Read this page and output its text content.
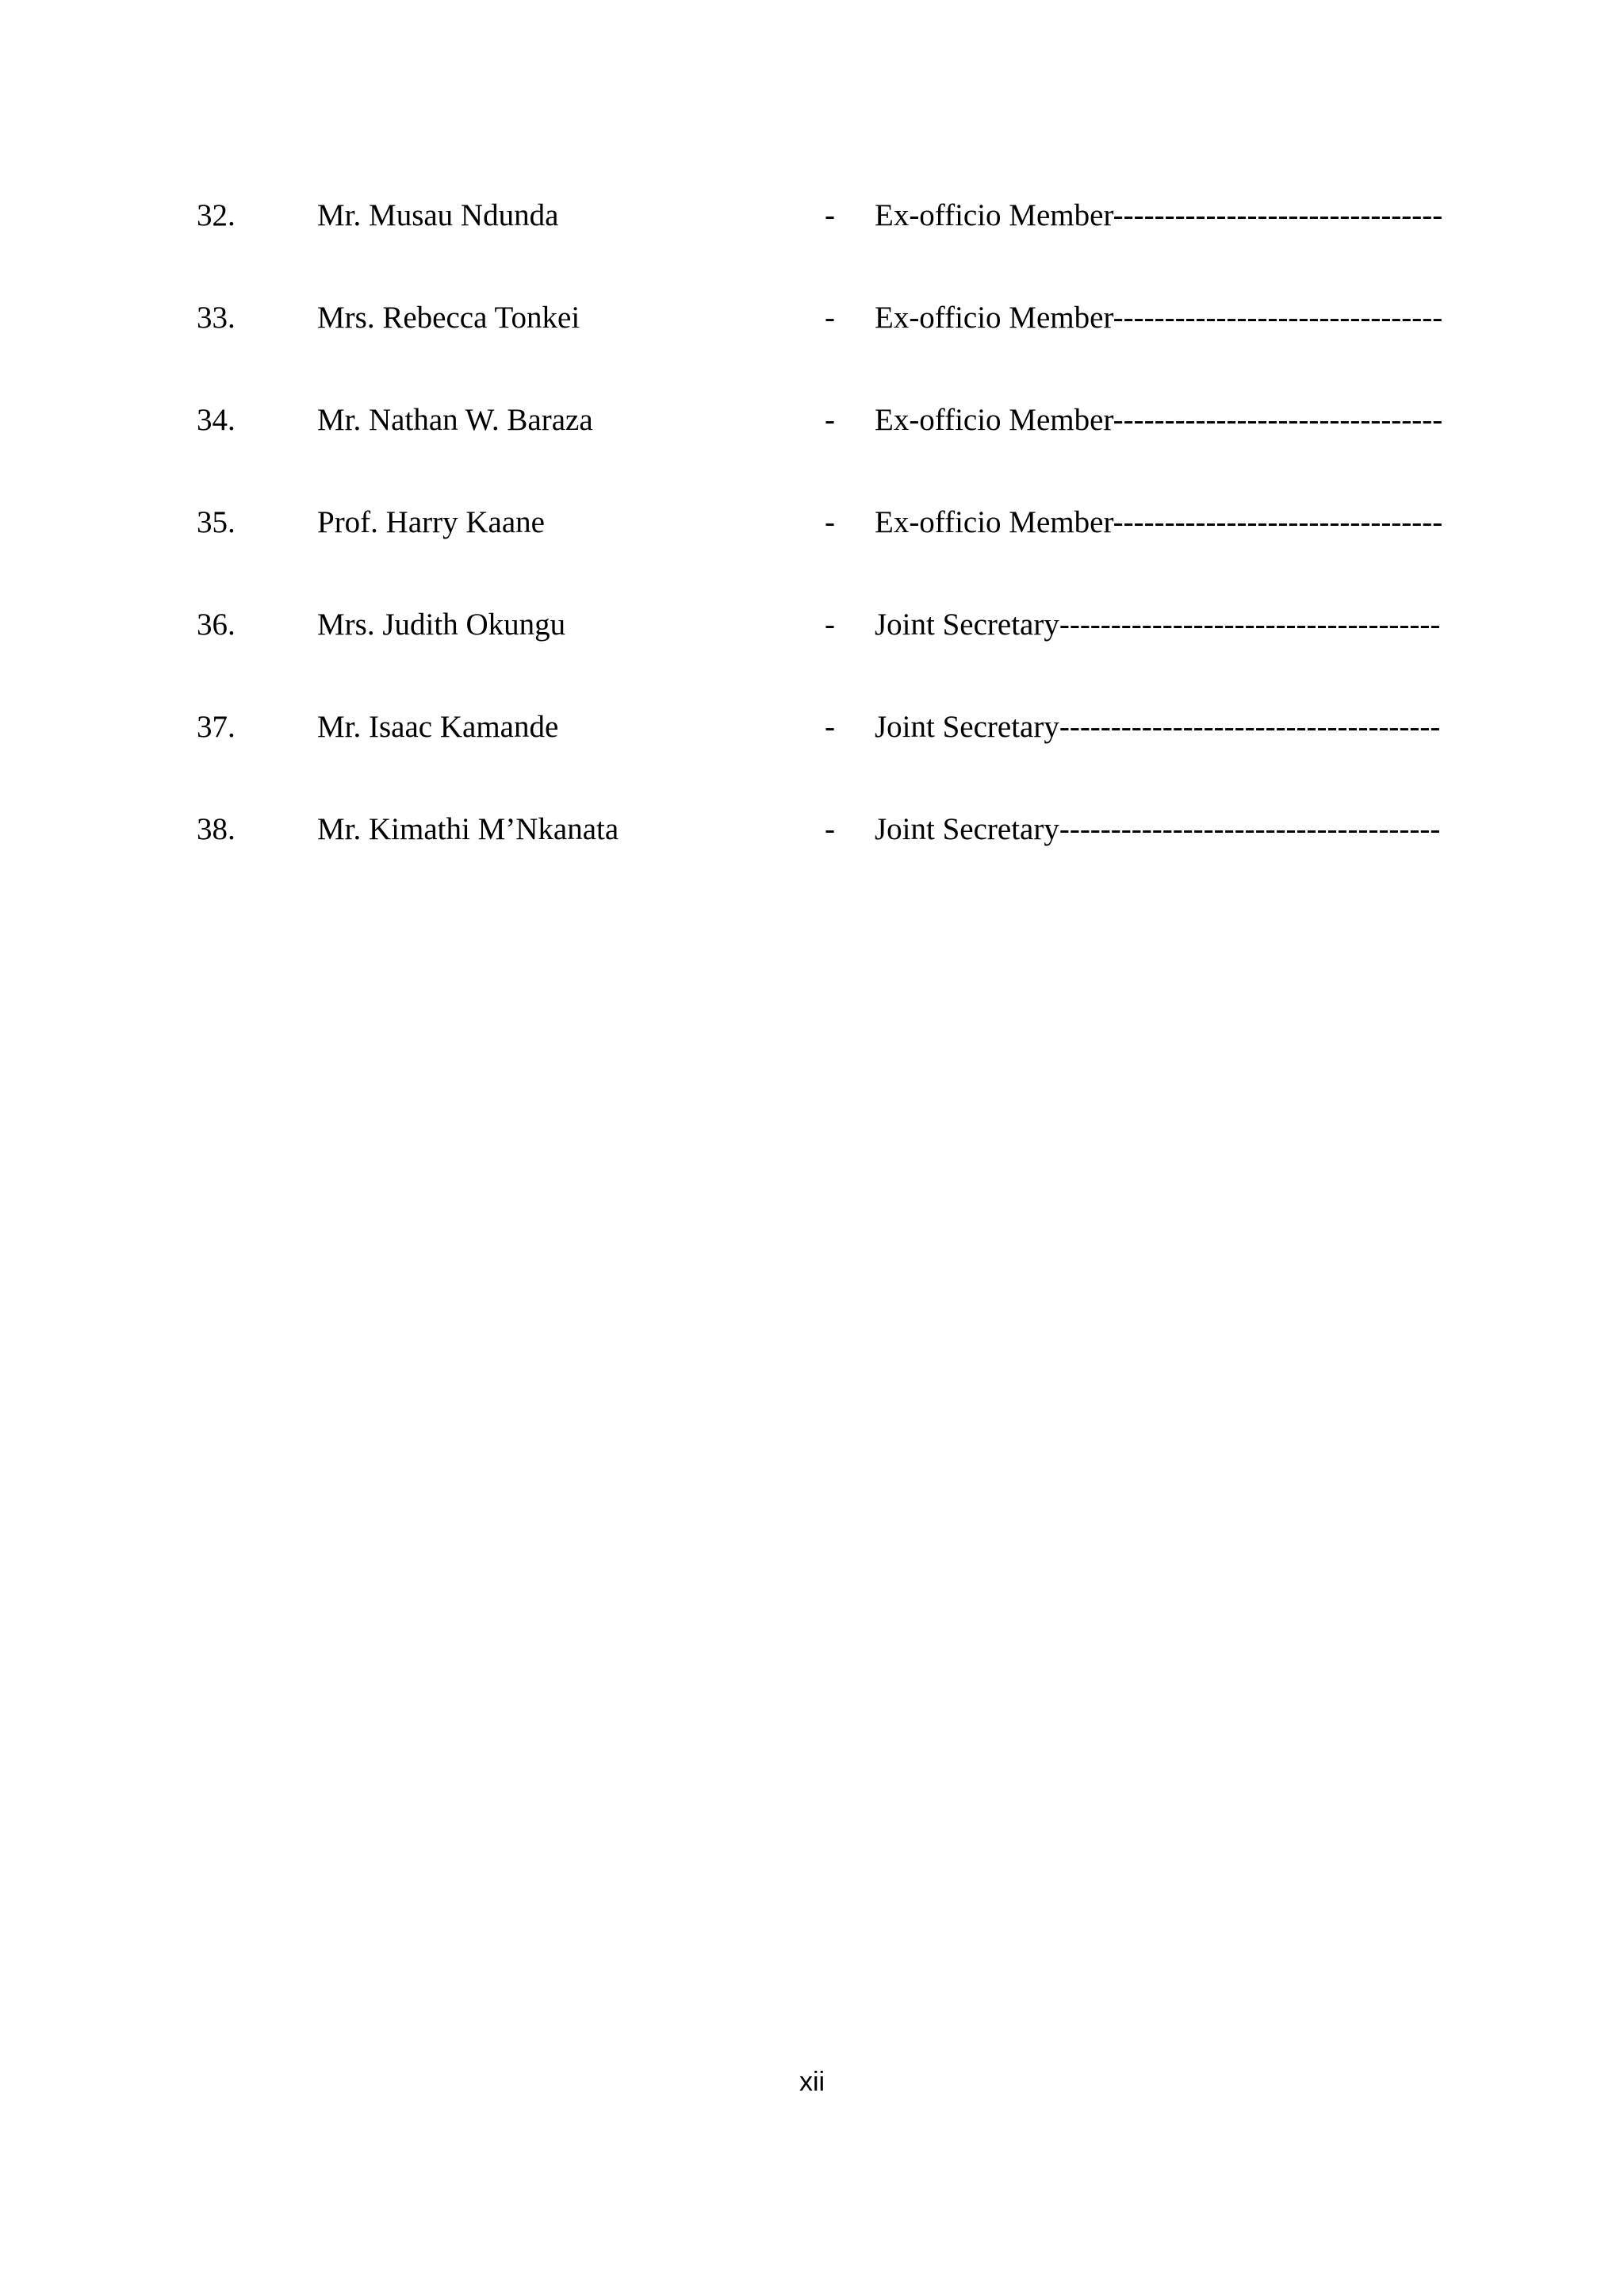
32.	Mr. Musau Ndunda	- Ex-officio Member--------------------------------
33.	Mrs. Rebecca Tonkei	- Ex-officio Member--------------------------------
34.	Mr. Nathan W. Baraza	- Ex-officio Member--------------------------------
35.	Prof. Harry Kaane	- Ex-officio Member--------------------------------
36.	Mrs. Judith Okungu	- Joint Secretary-------------------------------------
37.	Mr. Isaac Kamande	- Joint Secretary-------------------------------------
38.	Mr. Kimathi M’Nkanata	- Joint Secretary-------------------------------------
xii
